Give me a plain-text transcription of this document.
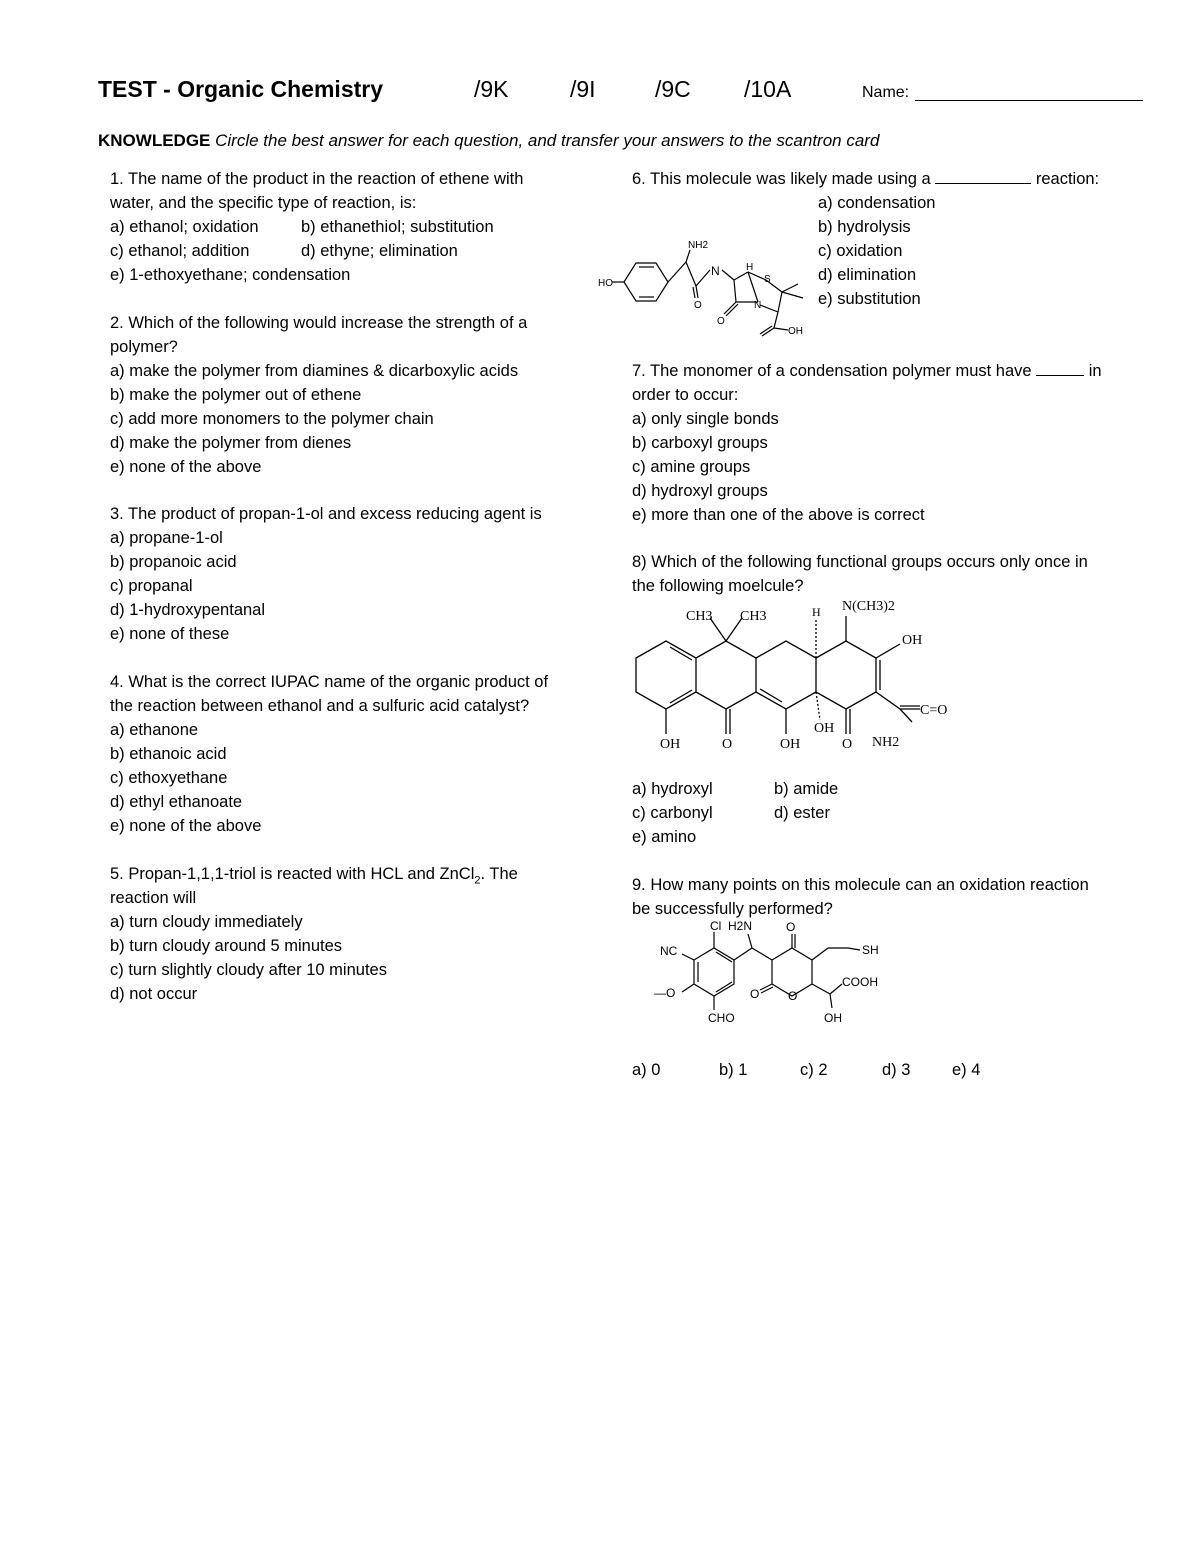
TEST - Organic Chemistry	/9K	/9I	/9C /10A	Name:
KNOWLEDGE Circle the best answer for each question, and transfer your answers to the scantron card
1. The name of the product in the reaction of ethene with
water, and the specific type of reaction, is:
a) ethanol; oxidation	b) ethanethiol; substitution
c) ethanol; addition	d) ethyne; elimination
e) 1-ethoxyethane; condensation
2. Which of the following would increase the strength of a
polymer?
a) make the polymer from diamines & dicarboxylic acids
b) make the polymer out of ethene
c) add more monomers to the polymer chain
d) make the polymer from dienes
e) none of the above
3. The product of propan-1-ol and excess reducing agent is
a) propane-1-ol
b) propanoic acid
c) propanal
d) 1-hydroxypentanal
e) none of these
4. What is the correct IUPAC name of the organic product of
the reaction between ethanol and a sulfuric acid catalyst?
a) ethanone
b) ethanoic acid
c) ethoxyethane
d) ethyl ethanoate
e) none of the above
5. Propan-1,1,1-triol is reacted with HCL and ZnCl$_2$. The
reaction will
a) turn cloudy immediately
b) turn cloudy around 5 minutes
c) turn slightly cloudy after 10 minutes
d) not occur
6. This molecule was likely made using a	reaction:
a) condensation
b) hydrolysis
c) oxidation
d) elimination
e) substitution
NH2
H
N
S
HO
O	N
O
OH
7. The monomer of a condensation polymer must have	in
order to occur:
a) only single bonds
b) carboxyl groups
c) amine groups
d) hydroxyl groups
e) more than one of the above is correct
8) Which of the following functional groups occurs only once in
the following moelcule?
CH3 CH3	H N(CH3)2
OH
OH	O	OH
OH
O NH2
C=O
a) hydroxyl	b) amide
c) carbonyl	d) ester
e) amino
9. How many points on this molecule can an oxidation reaction
be successfully performed?
Cl H2N	O
SH
NC
COOH
—O	O O
CHO	OH
a) 0	b) 1	c) 2	d) 3	e) 4
